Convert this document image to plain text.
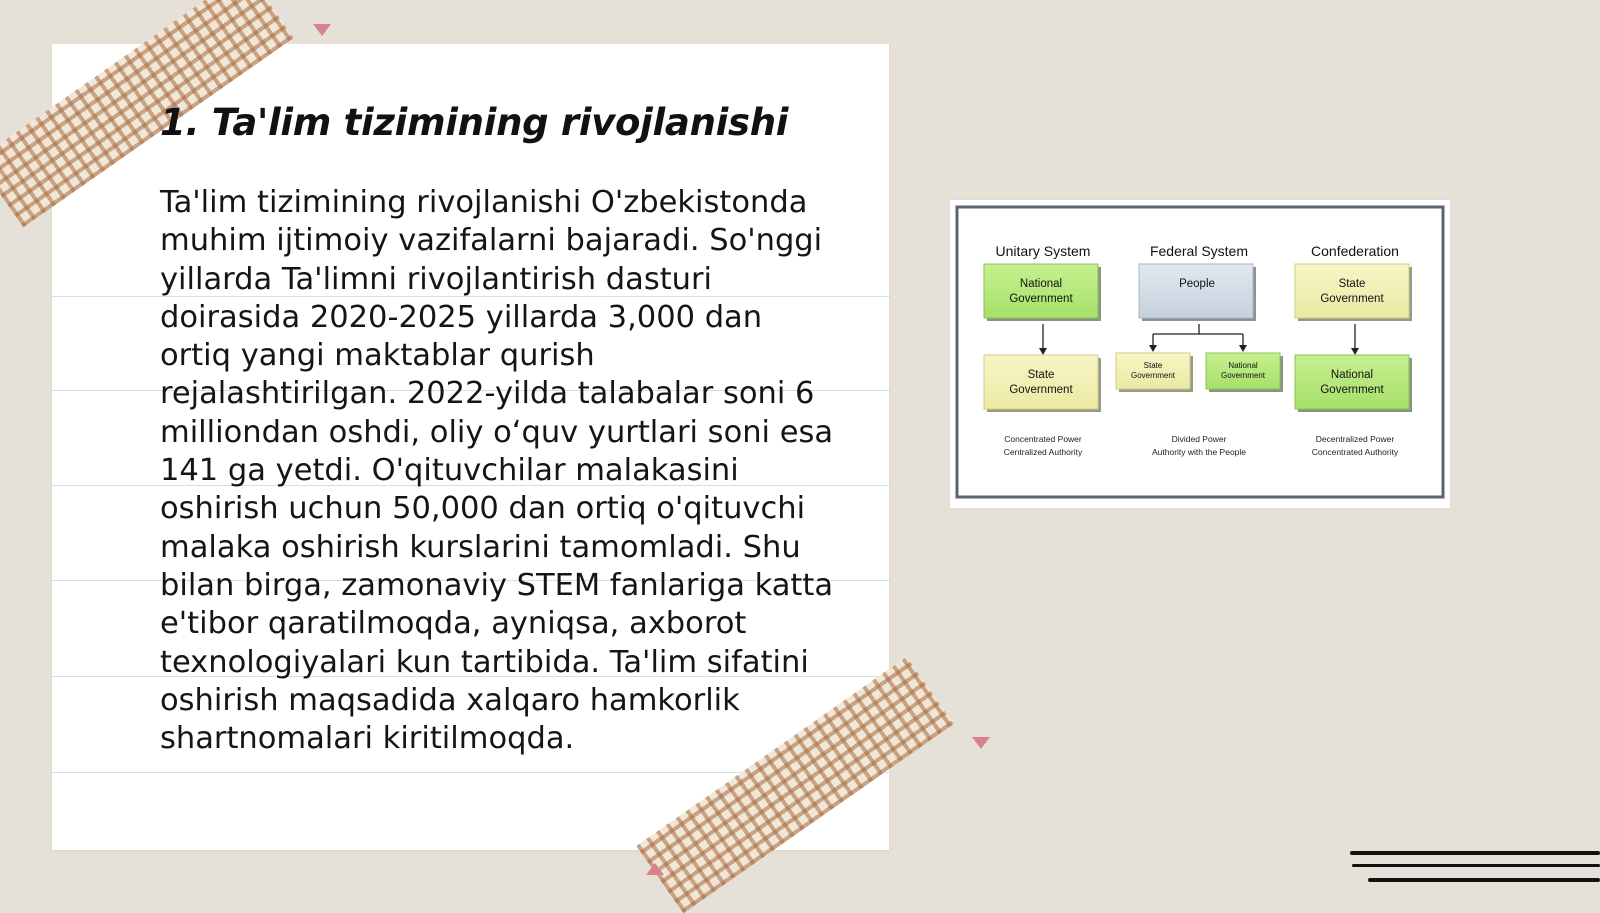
1. Ta'lim tizimining rivojlanishi

Ta'lim tizimining rivojlanishi O'zbekistonda muhim ijtimoiy vazifalarni bajaradi. So'nggi yillarda Ta'limni rivojlantirish dasturi doirasida 2020-2025 yillarda 3,000 dan ortiq yangi maktablar qurish rejalashtirilgan. 2022-yilda talabalar soni 6 milliondan oshdi, oliy o‘quv yurtlari soni esa 141 ga yetdi. O'qituvchilar malakasini oshirish uchun 50,000 dan ortiq o'qituvchi malaka oshirish kurslarini tamomladi. Shu bilan birga, zamonaviy STEM fanlariga katta e'tibor qaratilmoqda, ayniqsa, axborot texnologiyalari kun tartibida. Ta'lim sifatini oshirish maqsadida xalqaro hamkorlik shartnomalari kiritilmoqda.

Unitary System	Federal System	Confederation
National Government
State Government
Concentrated Power Centralized Authority
People
State Government
National Government
Divided Power Authority with the People
State Government
National Government
Decentralized Power Concentrated Authority
